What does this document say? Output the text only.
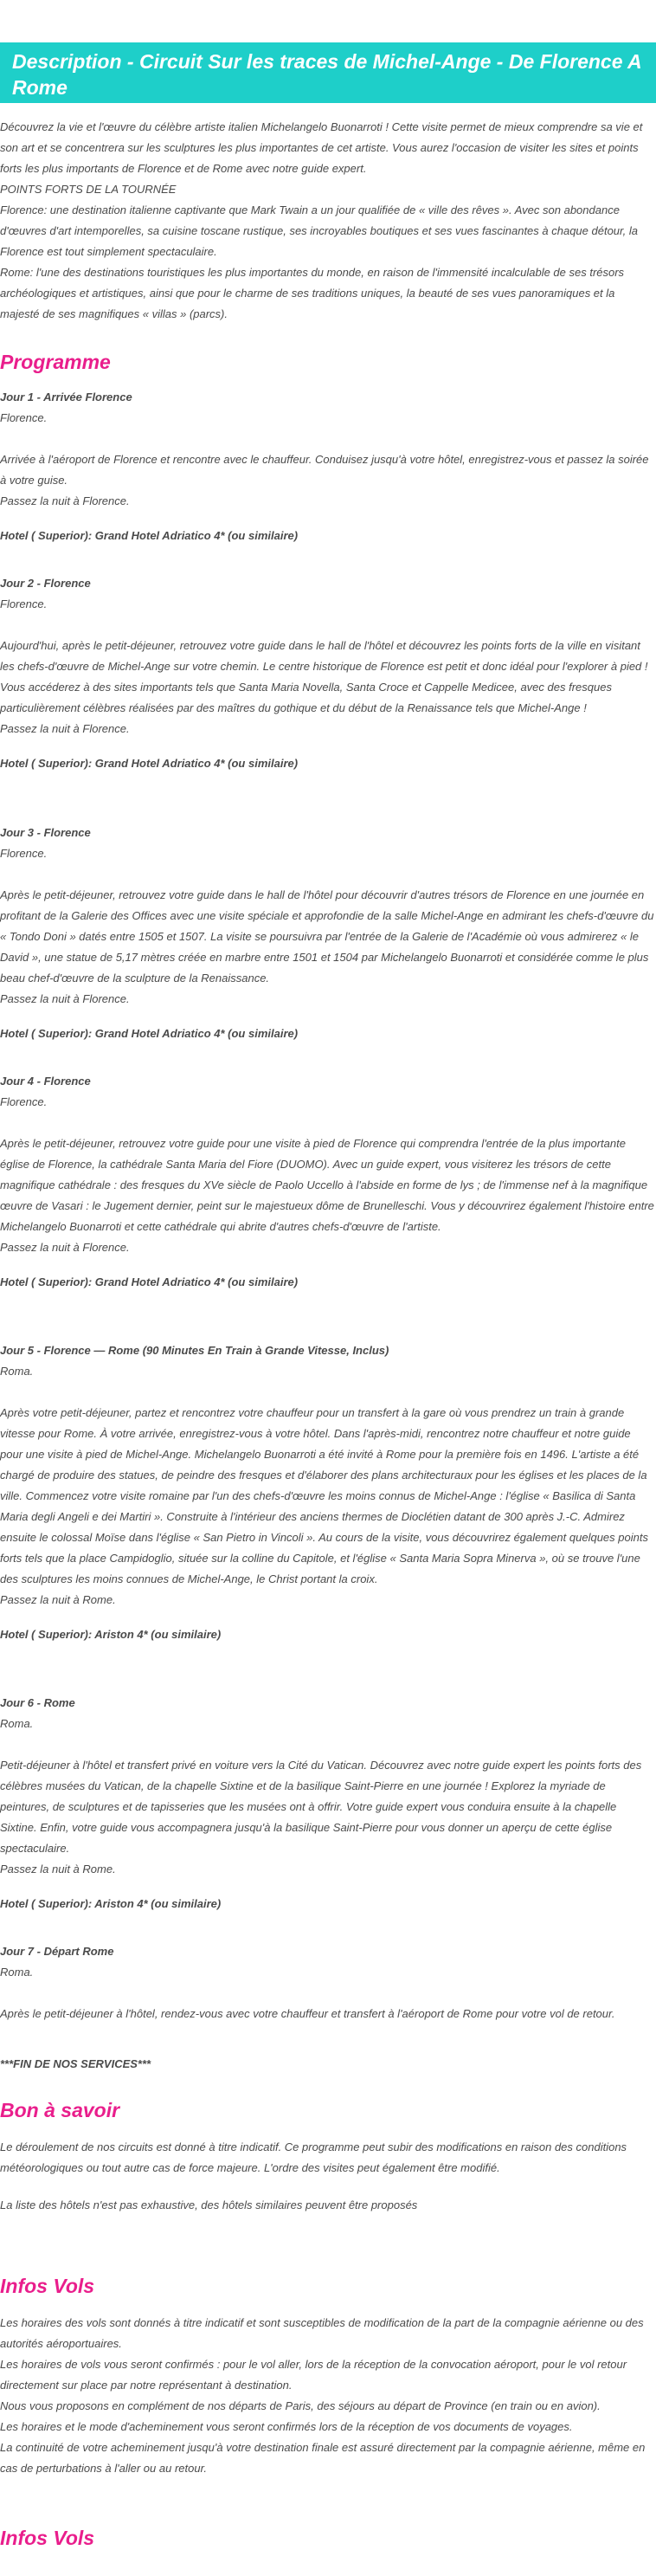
Description - Circuit Sur les traces de Michel-Ange - De Florence A Rome

Découvrez la vie et l'œuvre du célèbre artiste italien Michelangelo Buonarroti ! Cette visite permet de mieux comprendre sa vie et son art et se concentrera sur les sculptures les plus importantes de cet artiste. Vous aurez l'occasion de visiter les sites et points forts les plus importants de Florence et de Rome avec notre guide expert.

POINTS FORTS DE LA TOURNÉE

Florence: une destination italienne captivante que Mark Twain a un jour qualifiée de « ville des rêves ». Avec son abondance d'œuvres d'art intemporelles, sa cuisine toscane rustique, ses incroyables boutiques et ses vues fascinantes à chaque détour, la Florence est tout simplement spectaculaire.

Rome: l'une des destinations touristiques les plus importantes du monde, en raison de l'immensité incalculable de ses trésors archéologiques et artistiques, ainsi que pour le charme de ses traditions uniques, la beauté de ses vues panoramiques et la majesté de ses magnifiques « villas » (parcs).

Programme

Jour 1 - Arrivée Florence

Florence.

Arrivée à l'aéroport de Florence et rencontre avec le chauffeur. Conduisez jusqu'à votre hôtel, enregistrez-vous et passez la soirée à votre guise.

Passez la nuit à Florence.

Hotel ( Superior): Grand Hotel Adriatico 4* (ou similaire)

Jour 2 - Florence

Florence.

Aujourd'hui, après le petit-déjeuner, retrouvez votre guide dans le hall de l'hôtel et découvrez les points forts de la ville en visitant les chefs-d'œuvre de Michel-Ange sur votre chemin. Le centre historique de Florence est petit et donc idéal pour l'explorer à pied ! Vous accéderez à des sites importants tels que Santa Maria Novella, Santa Croce et Cappelle Medicee, avec des fresques particulièrement célèbres réalisées par des maîtres du gothique et du début de la Renaissance tels que Michel-Ange !

Passez la nuit à Florence.

Hotel ( Superior): Grand Hotel Adriatico 4* (ou similaire)

Jour 3 - Florence

Florence.

Après le petit-déjeuner, retrouvez votre guide dans le hall de l'hôtel pour découvrir d'autres trésors de Florence en une journée en profitant de la Galerie des Offices avec une visite spéciale et approfondie de la salle Michel-Ange en admirant les chefs-d'œuvre du « Tondo Doni » datés entre 1505 et 1507. La visite se poursuivra par l'entrée de la Galerie de l'Académie où vous admirerez « le David », une statue de 5,17 mètres créée en marbre entre 1501 et 1504 par Michelangelo Buonarroti et considérée comme le plus beau chef-d'œuvre de la sculpture de la Renaissance.

Passez la nuit à Florence.

Hotel ( Superior): Grand Hotel Adriatico 4* (ou similaire)

Jour 4 - Florence

Florence.

Après le petit-déjeuner, retrouvez votre guide pour une visite à pied de Florence qui comprendra l'entrée de la plus importante église de Florence, la cathédrale Santa Maria del Fiore (DUOMO). Avec un guide expert, vous visiterez les trésors de cette magnifique cathédrale : des fresques du XVe siècle de Paolo Uccello à l'abside en forme de lys ; de l'immense nef à la magnifique œuvre de Vasari : le Jugement dernier, peint sur le majestueux dôme de Brunelleschi. Vous y découvrirez également l'histoire entre Michelangelo Buonarroti et cette cathédrale qui abrite d'autres chefs-d'œuvre de l'artiste.

Passez la nuit à Florence.

Hotel ( Superior): Grand Hotel Adriatico 4* (ou similaire)

Jour 5 - Florence — Rome (90 Minutes En Train à Grande Vitesse, Inclus)

Roma.

Après votre petit-déjeuner, partez et rencontrez votre chauffeur pour un transfert à la gare où vous prendrez un train à grande vitesse pour Rome. À votre arrivée, enregistrez-vous à votre hôtel. Dans l'après-midi, rencontrez notre chauffeur et notre guide pour une visite à pied de Michel-Ange. Michelangelo Buonarroti a été invité à Rome pour la première fois en 1496. L'artiste a été chargé de produire des statues, de peindre des fresques et d'élaborer des plans architecturaux pour les églises et les places de la ville. Commencez votre visite romaine par l'un des chefs-d'œuvre les moins connus de Michel-Ange : l'église « Basilica di Santa Maria degli Angeli e dei Martiri ». Construite à l'intérieur des anciens thermes de Dioclétien datant de 300 après J.-C. Admirez ensuite le colossal Moïse dans l'église « San Pietro in Vincoli ». Au cours de la visite, vous découvrirez également quelques points forts tels que la place Campidoglio, située sur la colline du Capitole, et l'église « Santa Maria Sopra Minerva », où se trouve l'une des sculptures les moins connues de Michel-Ange, le Christ portant la croix.

Passez la nuit à Rome.

Hotel ( Superior): Ariston 4* (ou similaire)

Jour 6 - Rome

Roma.

Petit-déjeuner à l'hôtel et transfert privé en voiture vers la Cité du Vatican. Découvrez avec notre guide expert les points forts des célèbres musées du Vatican, de la chapelle Sixtine et de la basilique Saint-Pierre en une journée ! Explorez la myriade de peintures, de sculptures et de tapisseries que les musées ont à offrir. Votre guide expert vous conduira ensuite à la chapelle Sixtine. Enfin, votre guide vous accompagnera jusqu'à la basilique Saint-Pierre pour vous donner un aperçu de cette église spectaculaire.

Passez la nuit à Rome.

Hotel ( Superior): Ariston 4* (ou similaire)

Jour 7 - Départ Rome

Roma.

Après le petit-déjeuner à l'hôtel, rendez-vous avec votre chauffeur et transfert à l'aéroport de Rome pour votre vol de retour.

***FIN DE NOS SERVICES***

Bon à savoir

Le déroulement de nos circuits est donné à titre indicatif. Ce programme peut subir des modifications en raison des conditions météorologiques ou tout autre cas de force majeure. L'ordre des visites peut également être modifié.

La liste des hôtels n'est pas exhaustive, des hôtels similaires peuvent être proposés

Infos Vols

Les horaires des vols sont donnés à titre indicatif et sont susceptibles de modification de la part de la compagnie aérienne ou des autorités aéroportuaires.

Les horaires de vols vous seront confirmés : pour le vol aller, lors de la réception de la convocation aéroport, pour le vol retour directement sur place par notre représentant à destination.

Nous vous proposons en complément de nos départs de Paris, des séjours au départ de Province (en train ou en avion).

Les horaires et le mode d'acheminement vous seront confirmés lors de la réception de vos documents de voyages.

La continuité de votre acheminement jusqu'à votre destination finale est assuré directement par la compagnie aérienne, même en cas de perturbations à l'aller ou au retour.

Infos Vols
